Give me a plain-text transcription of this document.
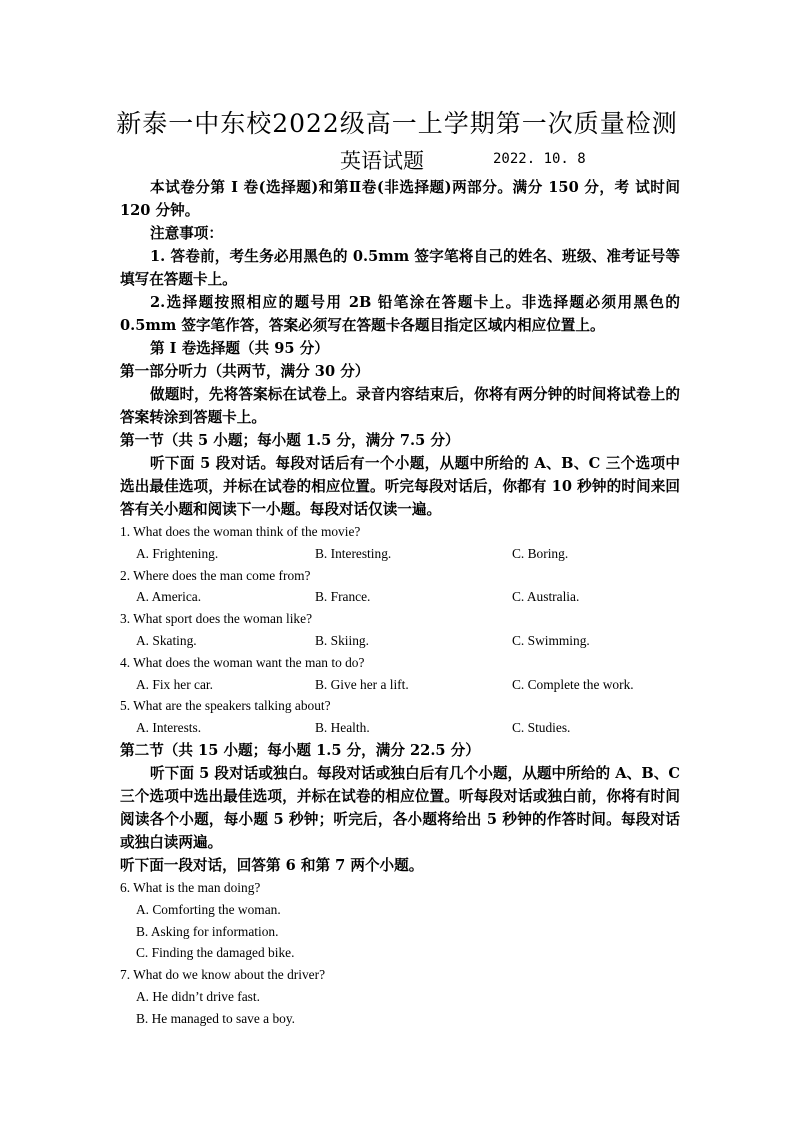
新泰一中东校2022级高一上学期第一次质量检测
英语试题	2022. 10. 8

本试卷分第 I 卷(选择题)和第Ⅱ卷(非选择题)两部分。满分 150 分，考 试时间 120 分钟。

注意事项：

1. 答卷前，考生务必用黑色的 0.5mm 签字笔将自己的姓名、班级、准考证号等填写在答题卡上。

2.选择题按照相应的题号用 2B 铅笔涂在答题卡上。非选择题必须用黑色的 0.5mm 签字笔作答，答案必须写在答题卡各题目指定区域内相应位置上。

第 I 卷选择题（共 95 分）

第一部分听力（共两节，满分 30 分）

做题时，先将答案标在试卷上。录音内容结束后，你将有两分钟的时间将试卷上的答案转涂到答题卡上。

第一节（共 5 小题；每小题 1.5 分，满分 7.5 分）

听下面 5 段对话。每段对话后有一个小题，从题中所给的 A、B、C 三个选项中选出最佳选项，并标在试卷的相应位置。听完每段对话后，你都有 10 秒钟的时间来回答有关小题和阅读下一小题。每段对话仅读一遍。

1. What does the woman think of the movie?

A. Frightening.	B. Interesting.	C. Boring.

2. Where does the man come from?

A. America.	B. France.	C. Australia.

3. What sport does the woman like?

A. Skating.	B. Skiing.	C. Swimming.

4. What does the woman want the man to do?

A. Fix her car.	B. Give her a lift.	C. Complete the work.

5. What are the speakers talking about?

A. Interests.	B. Health.	C. Studies.

第二节（共 15 小题；每小题 1.5 分，满分 22.5 分）

听下面 5 段对话或独白。每段对话或独白后有几个小题，从题中所给的 A、B、C 三个选项中选出最佳选项，并标在试卷的相应位置。听每段对话或独白前，你将有时间阅读各个小题，每小题 5 秒钟；听完后，各小题将给出 5 秒钟的作答时间。每段对话或独白读两遍。

听下面一段对话，回答第 6 和第 7 两个小题。

6. What is the man doing?

A. Comforting the woman.

B. Asking for information.

C. Finding the damaged bike.

7. What do we know about the driver?

A. He didn’t drive fast.

B. He managed to save a boy.
